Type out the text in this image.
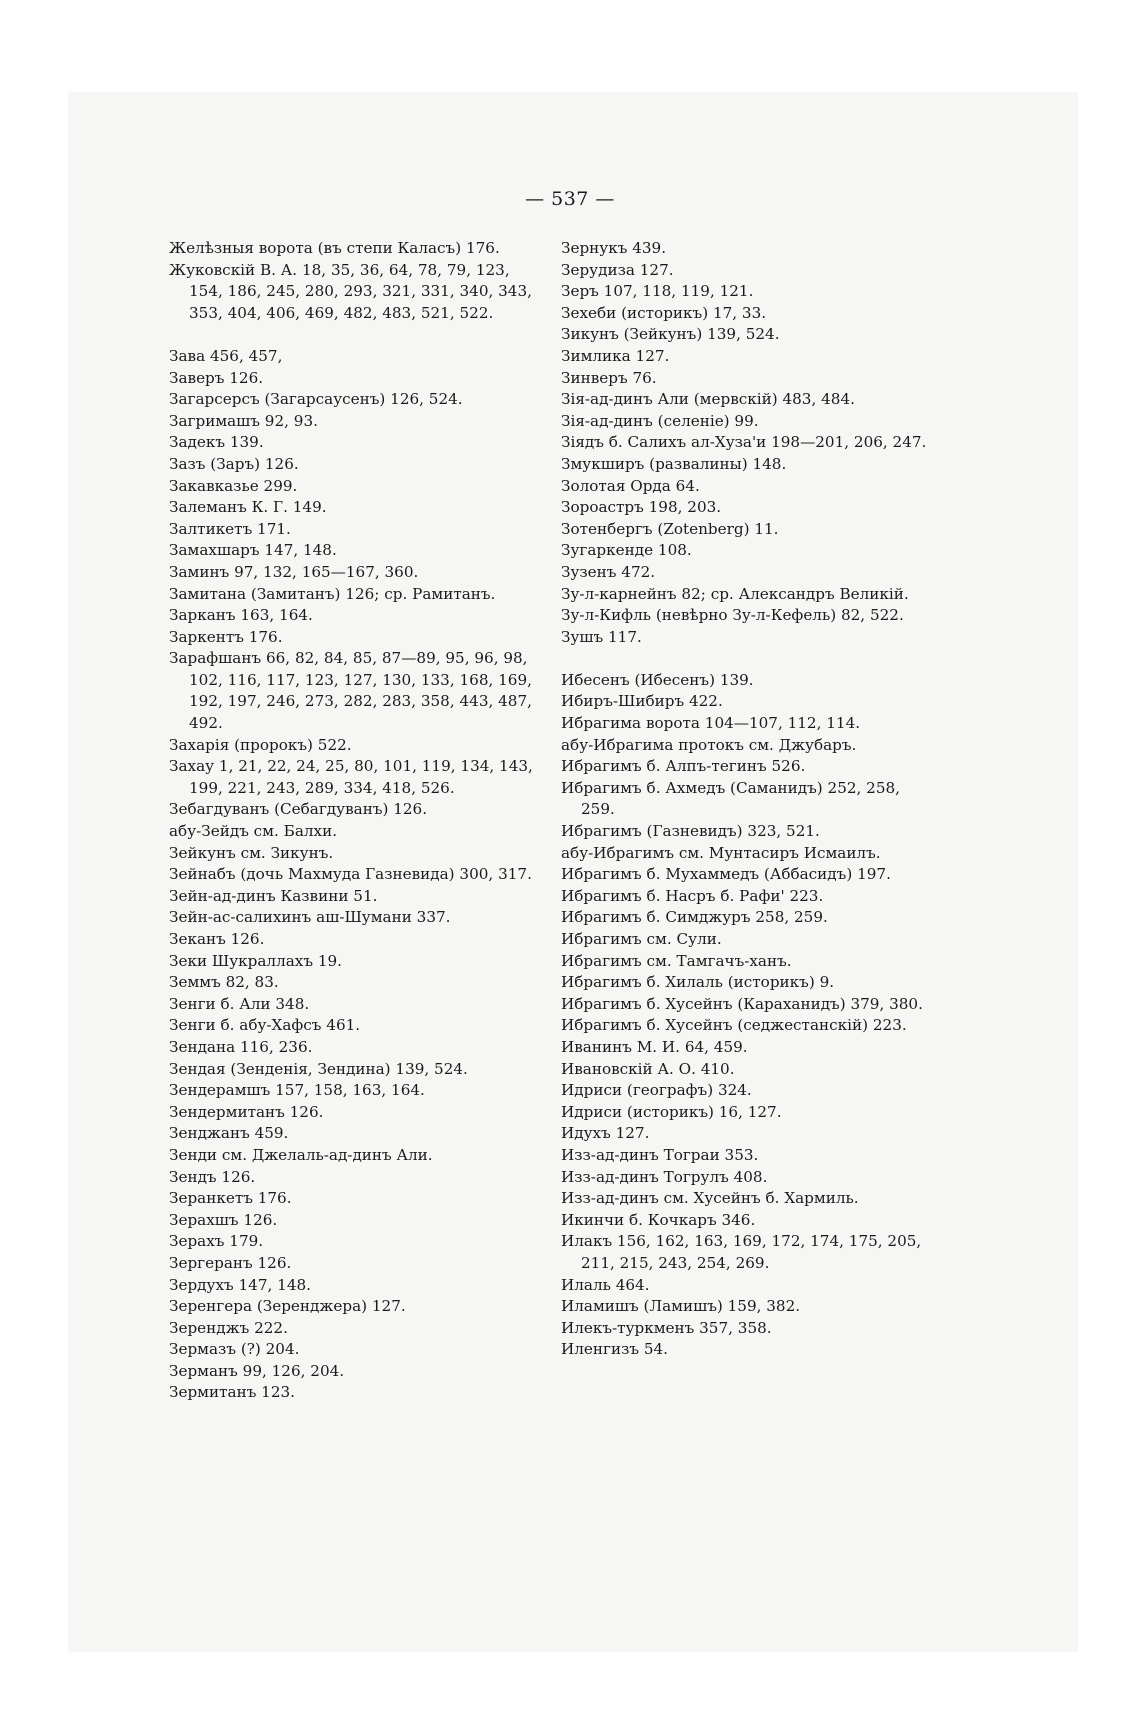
— 537 —
Желѣзныя ворота (въ степи Каласъ) 176.
Жуковскій В. А. 18, 35, 36, 64, 78, 79, 123, 154, 186, 245, 280, 293, 321, 331, 340, 343, 353, 404, 406, 469, 482, 483, 521, 522.
Зава 456, 457,
Заверъ 126.
Загарсерсъ (Загарсаусенъ) 126, 524.
Загримашъ 92, 93.
Задекъ 139.
Зазъ (Заръ) 126.
Закавказье 299.
Залеманъ К. Г. 149.
Залтикетъ 171.
Замахшаръ 147, 148.
Заминъ 97, 132, 165—167, 360.
Замитана (Замитанъ) 126; ср. Рамитанъ.
Зарканъ 163, 164.
Заркентъ 176.
Зарафшанъ 66, 82, 84, 85, 87—89, 95, 96, 98, 102, 116, 117, 123, 127, 130, 133, 168, 169, 192, 197, 246, 273, 282, 283, 358, 443, 487, 492.
Захарія (пророкъ) 522.
Захау 1, 21, 22, 24, 25, 80, 101, 119, 134, 143, 199, 221, 243, 289, 334, 418, 526.
Зебагдуванъ (Себагдуванъ) 126.
абу-Зейдъ см. Балхи.
Зейкунъ см. Зикунъ.
Зейнабъ (дочь Махмуда Газневида) 300, 317.
Зейн-ад-динъ Казвини 51.
Зейн-ас-салихинъ аш-Шумани 337.
Зеканъ 126.
Зеки Шукраллахъ 19.
Земмъ 82, 83.
Зенги б. Али 348.
Зенги б. абу-Хафсъ 461.
Зендана 116, 236.
Зендая (Зенденія, Зендина) 139, 524.
Зендерамшъ 157, 158, 163, 164.
Зендермитанъ 126.
Зенджанъ 459.
Зенди см. Джелаль-ад-динъ Али.
Зендъ 126.
Зеранкетъ 176.
Зерахшъ 126.
Зерахъ 179.
Зергеранъ 126.
Зердухъ 147, 148.
Зеренгера (Зеренджера) 127.
Зеренджъ 222.
Зермазъ (?) 204.
Зерманъ 99, 126, 204.
Зермитанъ 123.
Зернукъ 439.
Зерудиза 127.
Зеръ 107, 118, 119, 121.
Зехеби (историкъ) 17, 33.
Зикунъ (Зейкунъ) 139, 524.
Зимлика 127.
Зинверъ 76.
Зія-ад-динъ Али (мервскій) 483, 484.
Зія-ад-динъ (селеніе) 99.
Зіядъ б. Салихъ ал-Хуза'и 198—201, 206, 247.
Змукширъ (развалины) 148.
Золотая Орда 64.
Зороастръ 198, 203.
Зотенбергъ (Zotenberg) 11.
Зугаркенде 108.
Зузенъ 472.
Зу-л-карнейнъ 82; ср. Александръ Великій.
Зу-л-Кифль (невѣрно Зу-л-Кефель) 82, 522.
Зушъ 117.
Ибесенъ (Ибесенъ) 139.
Ибиръ-Шибиръ 422.
Ибрагима ворота 104—107, 112, 114.
абу-Ибрагима протокъ см. Джубаръ.
Ибрагимъ б. Алпъ-тегинъ 526.
Ибрагимъ б. Ахмедъ (Саманидъ) 252, 258, 259.
Ибрагимъ (Газневидъ) 323, 521.
абу-Ибрагимъ см. Мунтасиръ Исмаилъ.
Ибрагимъ б. Мухаммедъ (Аббасидъ) 197.
Ибрагимъ б. Насръ б. Рафи' 223.
Ибрагимъ б. Симджуръ 258, 259.
Ибрагимъ см. Сули.
Ибрагимъ см. Тамгачъ-ханъ.
Ибрагимъ б. Хилаль (историкъ) 9.
Ибрагимъ б. Хусейнъ (Караханидъ) 379, 380.
Ибрагимъ б. Хусейнъ (седжестанскій) 223.
Иванинъ М. И. 64, 459.
Ивановскій А. О. 410.
Идриси (географъ) 324.
Идриси (историкъ) 16, 127.
Идухъ 127.
Изз-ад-динъ Тограи 353.
Изз-ад-динъ Тогрулъ 408.
Изз-ад-динъ см. Хусейнъ б. Хармиль.
Икинчи б. Кочкаръ 346.
Илакъ 156, 162, 163, 169, 172, 174, 175, 205, 211, 215, 243, 254, 269.
Илаль 464.
Иламишъ (Ламишъ) 159, 382.
Илекъ-туркменъ 357, 358.
Иленгизъ 54.
